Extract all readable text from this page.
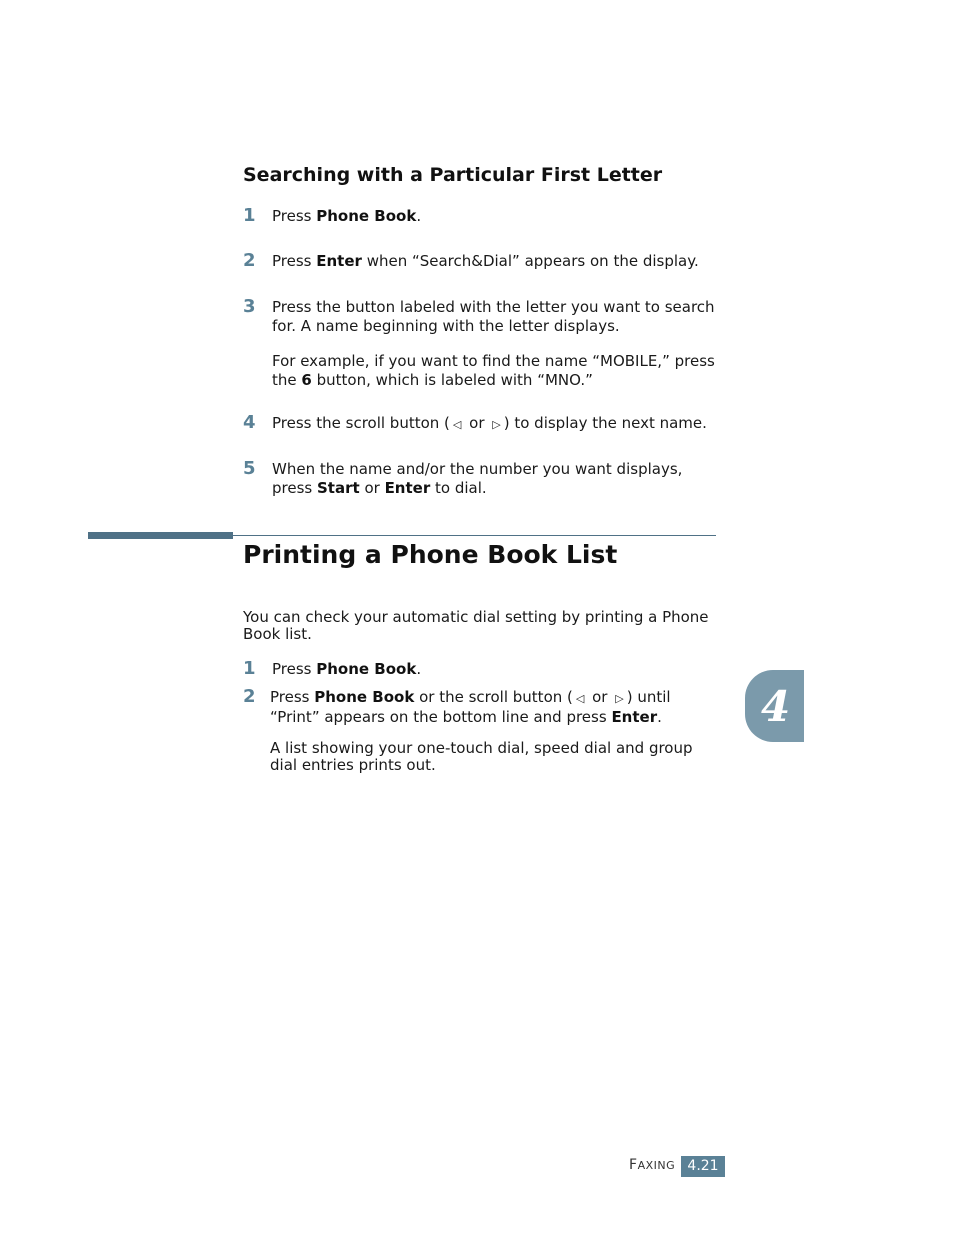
Searching with a Particular First Letter
1 Press Phone Book.
2 Press Enter when “Search&Dial” appears on the display.
3 Press the button labeled with the letter you want to search for. A name beginning with the letter displays.
For example, if you want to find the name “MOBILE,” press the 6 button, which is labeled with “MNO.”
4 Press the scroll button ( ◁ or ▷ ) to display the next name.
5 When the name and/or the number you want displays, press Start or Enter to dial.
Printing a Phone Book List
You can check your automatic dial setting by printing a Phone Book list.
1 Press Phone Book.
2 Press Phone Book or the scroll button ( ◁ or ▷ ) until “Print” appears on the bottom line and press Enter.
A list showing your one-touch dial, speed dial and group dial entries prints out.
4
FAXING 4.21
